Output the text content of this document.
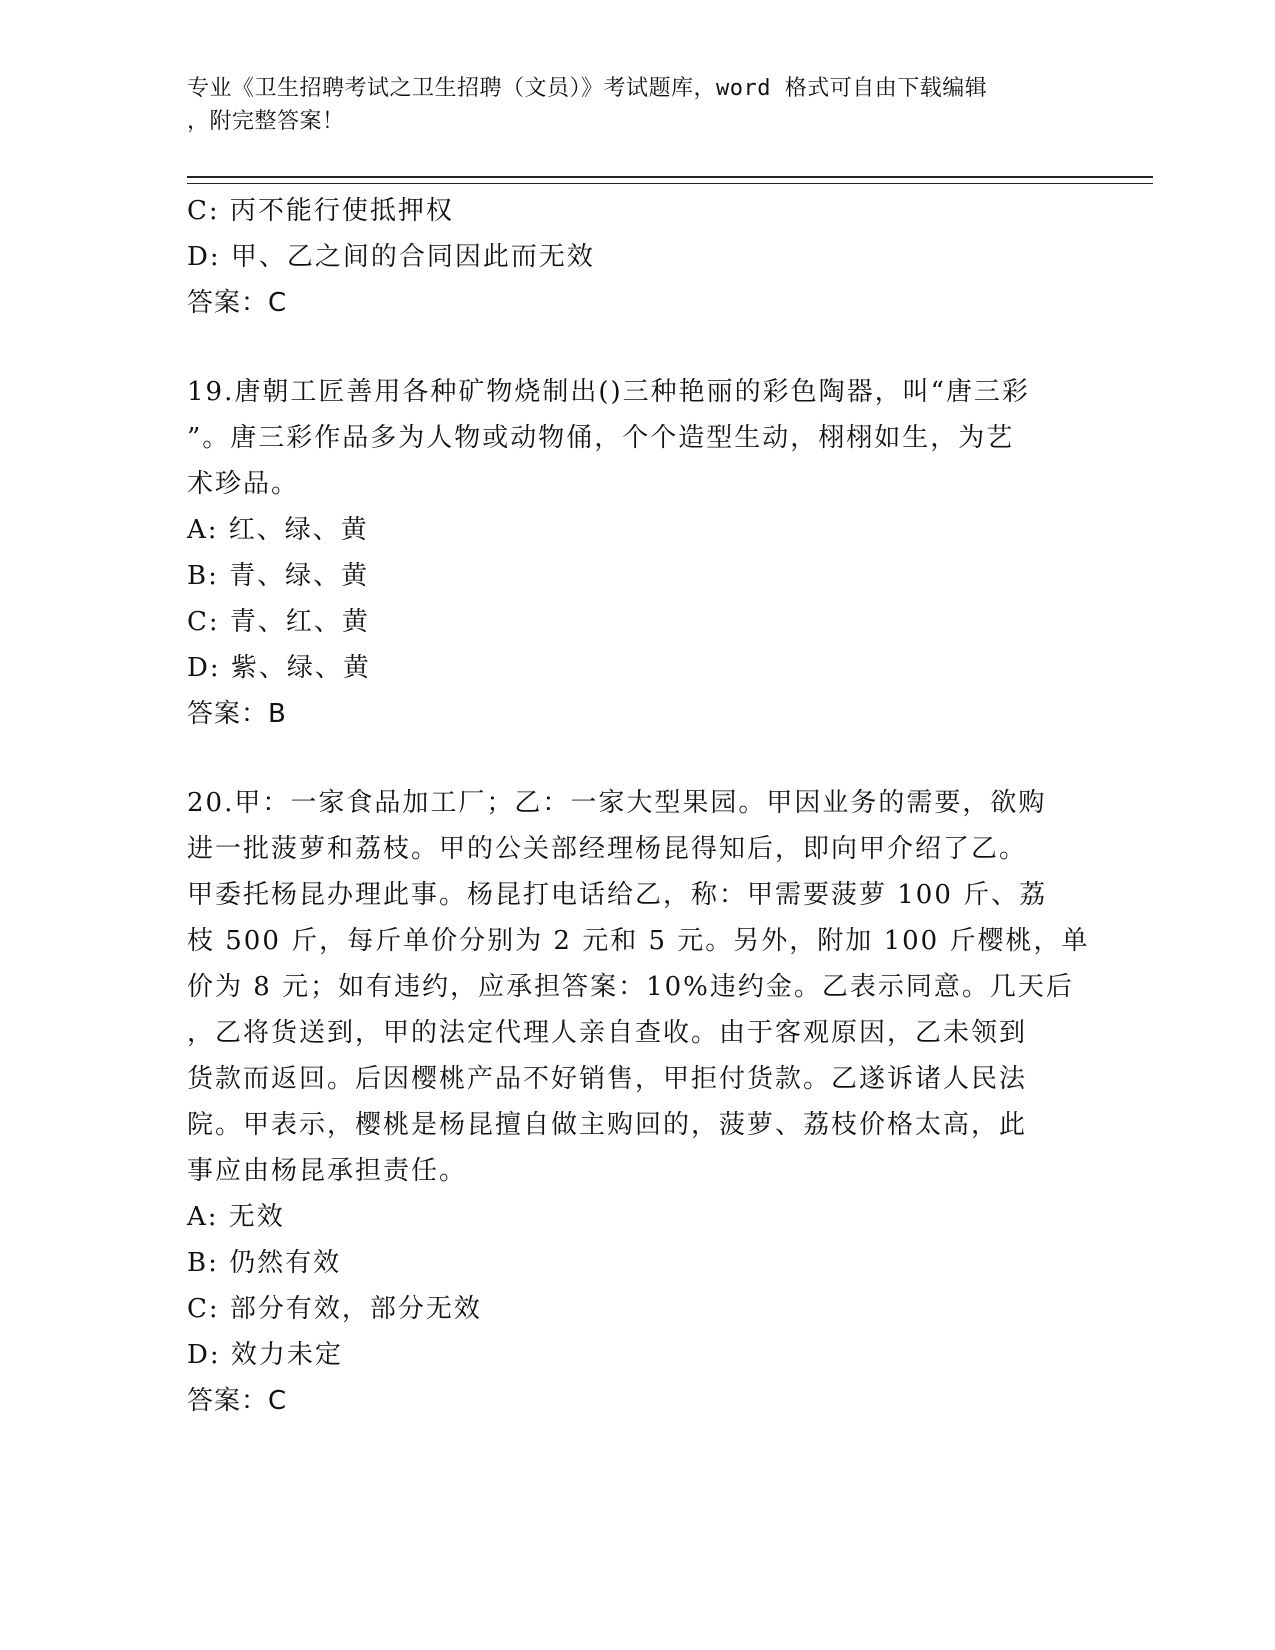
专业《卫生招聘考试之卫生招聘（文员）》考试题库，word 格式可自由下载编辑
，附完整答案！
C: 丙不能行使抵押权
D: 甲、乙之间的合同因此而无效
答案：C
19.唐朝工匠善用各种矿物烧制出()三种艳丽的彩色陶器，叫“唐三彩
”。唐三彩作品多为人物或动物俑，个个造型生动，栩栩如生，为艺
术珍品。
A: 红、绿、黄
B: 青、绿、黄
C: 青、红、黄
D: 紫、绿、黄
答案：B
20.甲：一家食品加工厂；乙：一家大型果园。甲因业务的需要，欲购
进一批菠萝和荔枝。甲的公关部经理杨昆得知后，即向甲介绍了乙。
甲委托杨昆办理此事。杨昆打电话给乙，称：甲需要菠萝 100 斤、荔
枝 500 斤，每斤单价分别为 2 元和 5 元。另外，附加 100 斤樱桃，单
价为 8 元；如有违约，应承担答案：10%违约金。乙表示同意。几天后
，乙将货送到，甲的法定代理人亲自查收。由于客观原因，乙未领到
货款而返回。后因樱桃产品不好销售，甲拒付货款。乙遂诉诸人民法
院。甲表示，樱桃是杨昆擅自做主购回的，菠萝、荔枝价格太高，此
事应由杨昆承担责任。
A: 无效
B: 仍然有效
C: 部分有效，部分无效
D: 效力未定
答案：C
